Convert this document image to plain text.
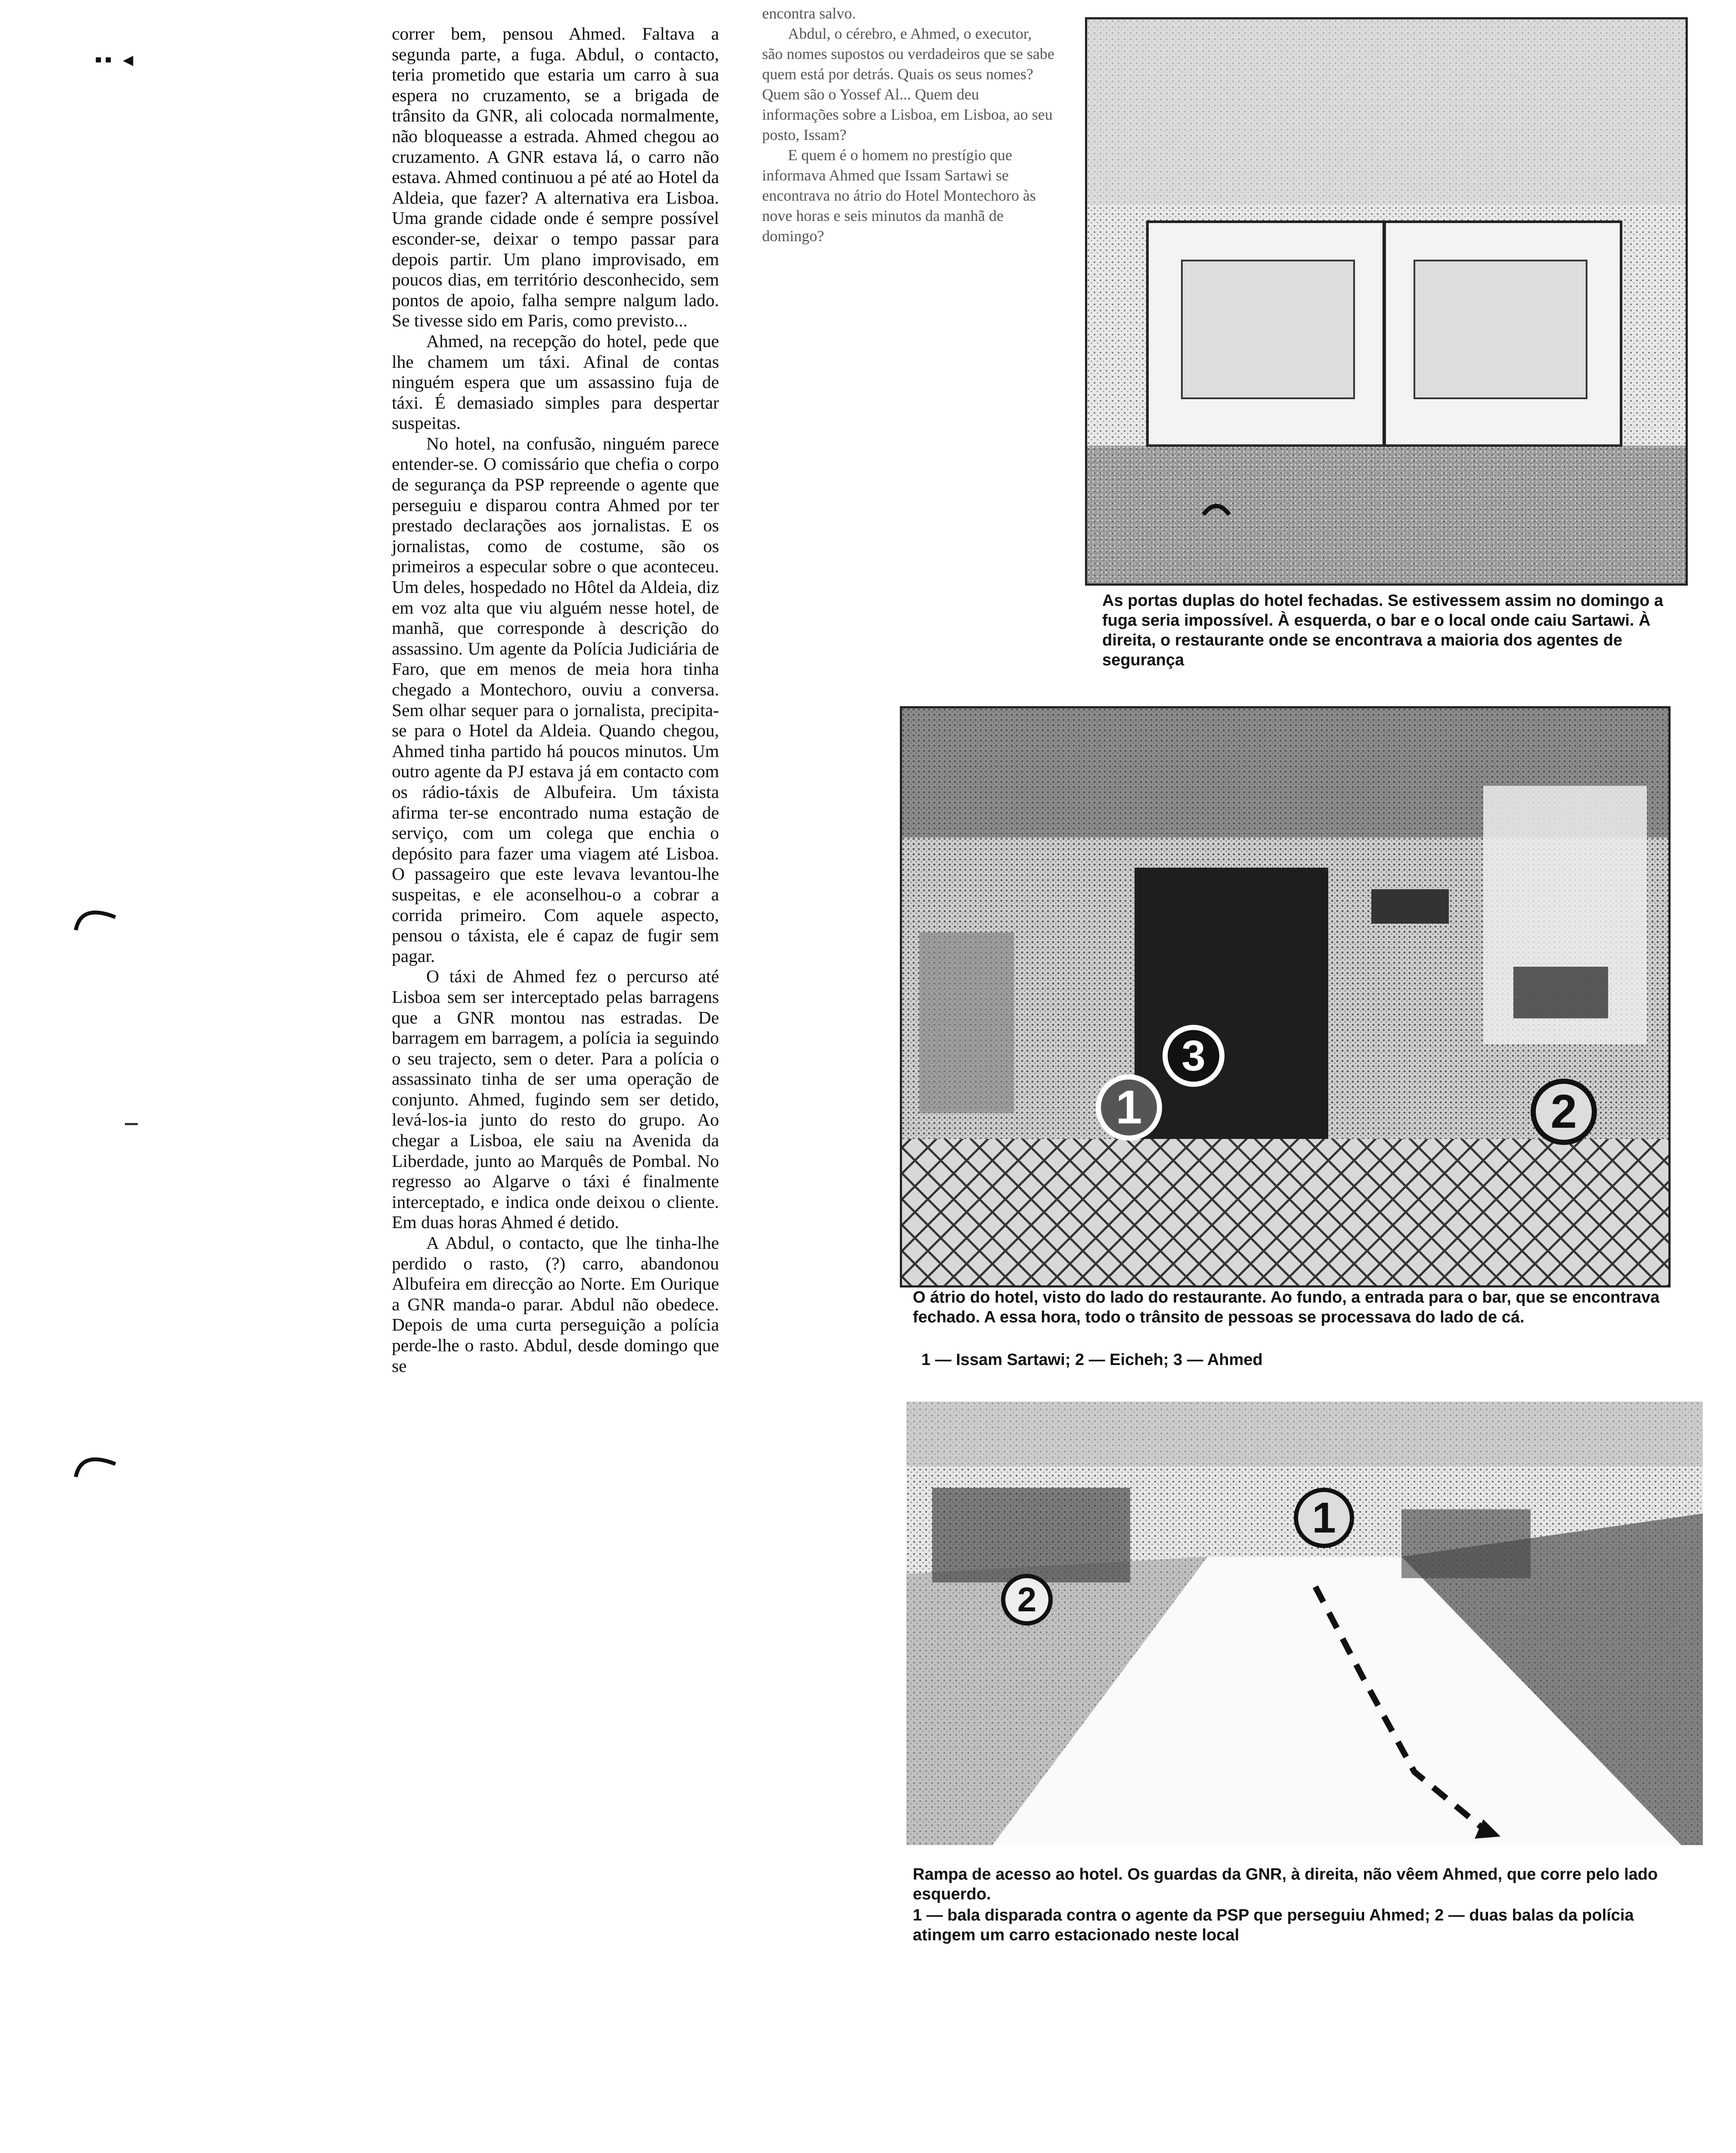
▪▪ ◂

correr bem, pensou Ahmed. Faltava a segunda parte, a fuga. Abdul, o contacto, teria prometido que estaria um carro à sua espera no cruzamento, se a brigada de trânsito da GNR, ali colocada normalmente, não bloqueasse a estrada. Ahmed chegou ao cruzamento. A GNR estava lá, o carro não estava. Ahmed continuou a pé até ao Hotel da Aldeia, que fazer? A alternativa era Lisboa. Uma grande cidade onde é sempre possível esconder-se, deixar o tempo passar para depois partir. Um plano improvisado, em poucos dias, em território desconhecido, sem pontos de apoio, falha sempre nalgum lado. Se tivesse sido em Paris, como previsto...

Ahmed, na recepção do hotel, pede que lhe chamem um táxi. Afinal de contas ninguém espera que um assassino fuja de táxi. É demasiado simples para despertar suspeitas.

No hotel, na confusão, ninguém parece entender-se. O comissário que chefia o corpo de segurança da PSP repreende o agente que perseguiu e disparou contra Ahmed por ter prestado declarações aos jornalistas. E os jornalistas, como de costume, são os primeiros a especular sobre o que aconteceu. Um deles, hospedado no Hôtel da Aldeia, diz em voz alta que viu alguém nesse hotel, de manhã, que corresponde à descrição do assassino. Um agente da Polícia Judiciária de Faro, que em menos de meia hora tinha chegado a Montechoro, ouviu a conversa. Sem olhar sequer para o jornalista, precipita-se para o Hotel da Aldeia. Quando chegou, Ahmed tinha partido há poucos minutos. Um outro agente da PJ estava já em contacto com os rádio-táxis de Albufeira. Um táxista afirma ter-se encontrado numa estação de serviço, com um colega que enchia o depósito para fazer uma viagem até Lisboa. O passageiro que este levava levantou-lhe suspeitas, e ele aconselhou-o a cobrar a corrida primeiro. Com aquele aspecto, pensou o táxista, ele é capaz de fugir sem pagar.

O táxi de Ahmed fez o percurso até Lisboa sem ser interceptado pelas barragens que a GNR montou nas estradas. De barragem em barragem, a polícia ia seguindo o seu trajecto, sem o deter. Para a polícia o assassinato tinha de ser uma operação de conjunto. Ahmed, fugindo sem ser detido, levá-los-ia junto do resto do grupo. Ao chegar a Lisboa, ele saiu na Avenida da Liberdade, junto ao Marquês de Pombal. No regresso ao Algarve o táxi é finalmente interceptado, e indica onde deixou o cliente. Em duas horas Ahmed é detido.

A Abdul, o contacto, que lhe tinha-lhe perdido o rasto, (?) carro, abandonou Albufeira em direcção ao Norte. Em Ourique a GNR manda-o parar. Abdul não obedece. Depois de uma curta perseguição a polícia perde-lhe o rasto. Abdul, desde domingo que se

encontra salvo.

Abdul, o cérebro, e Ahmed, o executor, são nomes supostos ou verdadeiros que se sabe quem está por detrás. Quais os seus nomes? Quem são o Yossef Al... Quem deu informações sobre a Lisboa, em Lisboa, ao seu posto, Issam?

E quem é o homem no prestígio que informava Ahmed que Issam Sartawi se encontrava no átrio do Hotel Montechoro às nove horas e seis minutos da manhã de domingo?

As portas duplas do hotel fechadas. Se estivessem assim no domingo a fuga seria impossível. À esquerda, o bar e o local onde caiu Sartawi. À direita, o restaurante onde se encontrava a maioria dos agentes de segurança

1	2
3

O átrio do hotel, visto do lado do restaurante. Ao fundo, a entrada para o bar, que se encontrava fechado. A essa hora, todo o trânsito de pessoas se processava do lado de cá.

1 — Issam Sartawi; 2 — Eicheh; 3 — Ahmed

1
2

Rampa de acesso ao hotel. Os guardas da GNR, à direita, não vêem Ahmed, que corre pelo lado esquerdo.

1 — bala disparada contra o agente da PSP que perseguiu Ahmed; 2 — duas balas da polícia atingem um carro estacionado neste local
